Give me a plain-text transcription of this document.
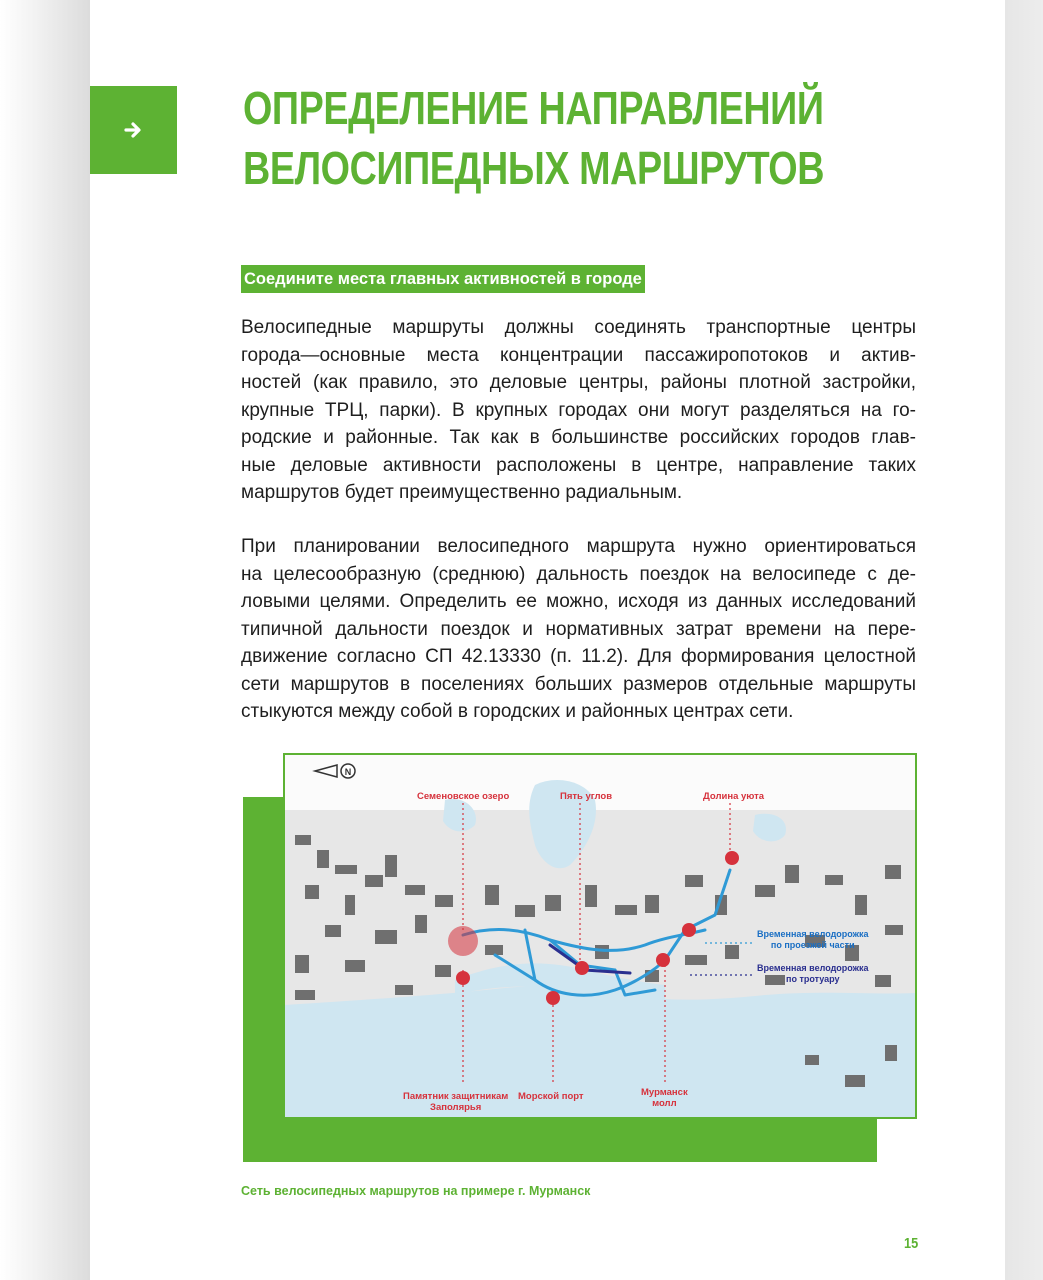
ОПРЕДЕЛЕНИЕ НАПРАВЛЕНИЙ
ВЕЛОСИПЕДНЫХ МАРШРУТОВ
Соедините места главных активностей в городе

Велосипедные маршруты должны соединять транспортные центры
города—основные места концентрации пассажиропотоков и актив-
ностей (как правило, это деловые центры, районы плотной застройки,
крупные ТРЦ, парки). В крупных городах они могут разделяться на го-
родские и районные. Так как в большинстве российских городов глав-
ные деловые активности расположены в центре, направление таких
маршрутов будет преимущественно радиальным.

При планировании велосипедного маршрута нужно ориентироваться
на целесообразную (среднюю) дальность поездок на велосипеде с де-
ловыми целями. Определить ее можно, исходя из данных исследований
типичной дальности поездок и нормативных затрат времени на пере-
движение согласно СП 42.13330 (п. 11.2). Для формирования целостной
сети маршрутов в поселениях больших размеров отдельные маршруты
стыкуются между собой в городских и районных центрах сети.

N
Семеновское озеро	Пять углов	Долина уюта
Временная велодорожка
по проезжей части
Временная велодорожка
по тротуару
Памятник защитникам
Заполярья
Морской порт	Мурманск
молл
Сеть велосипедных маршрутов на примере г. Мурманск
15
